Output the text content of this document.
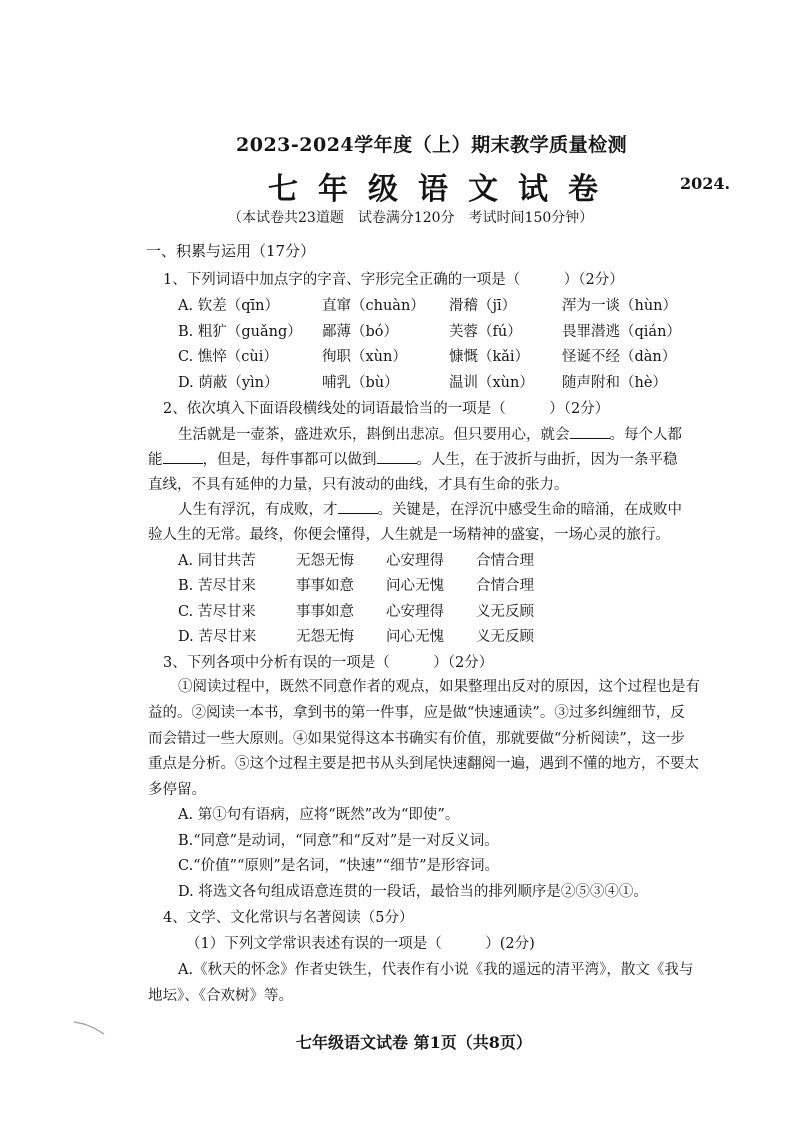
2023-2024学年度（上）期末教学质量检测
七年级语文试卷	2024.
（本试卷共23道题　试卷满分120分　考试时间150分钟）
一、积累与运用（17分）
1、下列词语中加点字的字音、字形完全正确的一项是（　　　）（2分）
A. 钦差（qīn）	直窜（chuàn） 滑稽（jī）	浑为一谈（hùn）
B. 粗犷（guǎng） 鄙薄（bó）	芙蓉（fú）	畏罪潜逃（qián）
C. 憔悴（cùi）	徇职（xùn）	慷慨（kǎi） 怪诞不经（dàn）
D. 荫蔽（yìn）	哺乳（bù）	温训（xùn） 随声附和（hè）
2、依次填入下面语段横线处的词语最恰当的一项是（　　　）（2分）
生活就是一壶茶，盛进欢乐，斟倒出悲凉。但只要用心，就会	。每个人都
能	，但是，每件事都可以做到	。人生，在于波折与曲折，因为一条平稳
直线，不具有延伸的力量，只有波动的曲线，才具有生命的张力。
人生有浮沉，有成败，才	。关键是，在浮沉中感受生命的暗涌，在成败中
验人生的无常。最终，你便会懂得，人生就是一场精神的盛宴，一场心灵的旅行。
A. 同甘共苦	无怨无悔 心安理得 合情合理
B. 苦尽甘来	事事如意 问心无愧 合情合理
C. 苦尽甘来	事事如意 心安理得 义无反顾
D. 苦尽甘来	无怨无悔 问心无愧 义无反顾
3、下列各项中分析有误的一项是（　　　）（2分）
①阅读过程中，既然不同意作者的观点，如果整理出反对的原因，这个过程也是有
益的。②阅读一本书，拿到书的第一件事，应是做“快速通读”。③过多纠缠细节，反
而会错过一些大原则。④如果觉得这本书确实有价值，那就要做“分析阅读”，这一步
重点是分析。⑤这个过程主要是把书从头到尾快速翻阅一遍，遇到不懂的地方，不要太
多停留。
A. 第①句有语病，应将“既然”改为“即使”。
B.“同意”是动词，“同意”和“反对”是一对反义词。
C.“价值”“原则”是名词，“快速”“细节”是形容词。
D. 将选文各句组成语意连贯的一段话，最恰当的排列顺序是②⑤③④①。
4、文学、文化常识与名著阅读（5分）
（1）下列文学常识表述有误的一项是（　　　）(2分)
A.《秋天的怀念》作者史铁生，代表作有小说《我的遥远的清平湾》，散文《我与
地坛》、《合欢树》等。
七年级语文试卷 第1页（共8页）
